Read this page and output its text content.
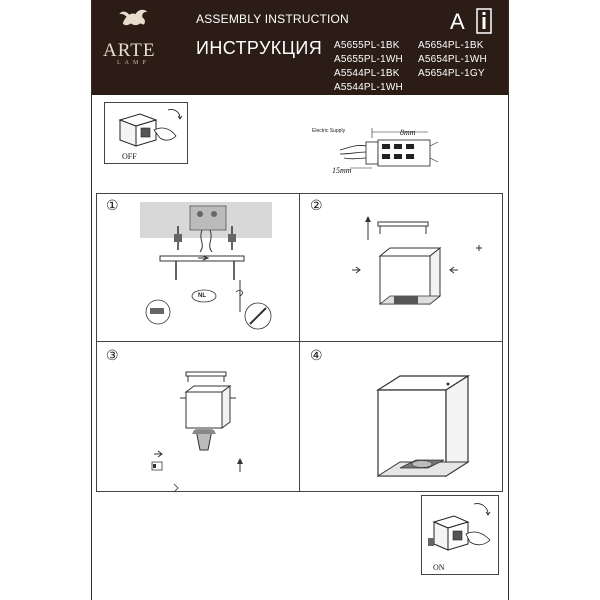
ARTE
LAMP
ASSEMBLY INSTRUCTION
ИНСТРУКЦИЯ A5655PL-1BK A5654PL-1BK
A5655PL-1WH A5654PL-1WH
A5544PL-1BK A5654PL-1GY
A5544PL-1WH
A
OFF
Electric Supply	8mm
15mm
①	②
③	④
NL
ON
